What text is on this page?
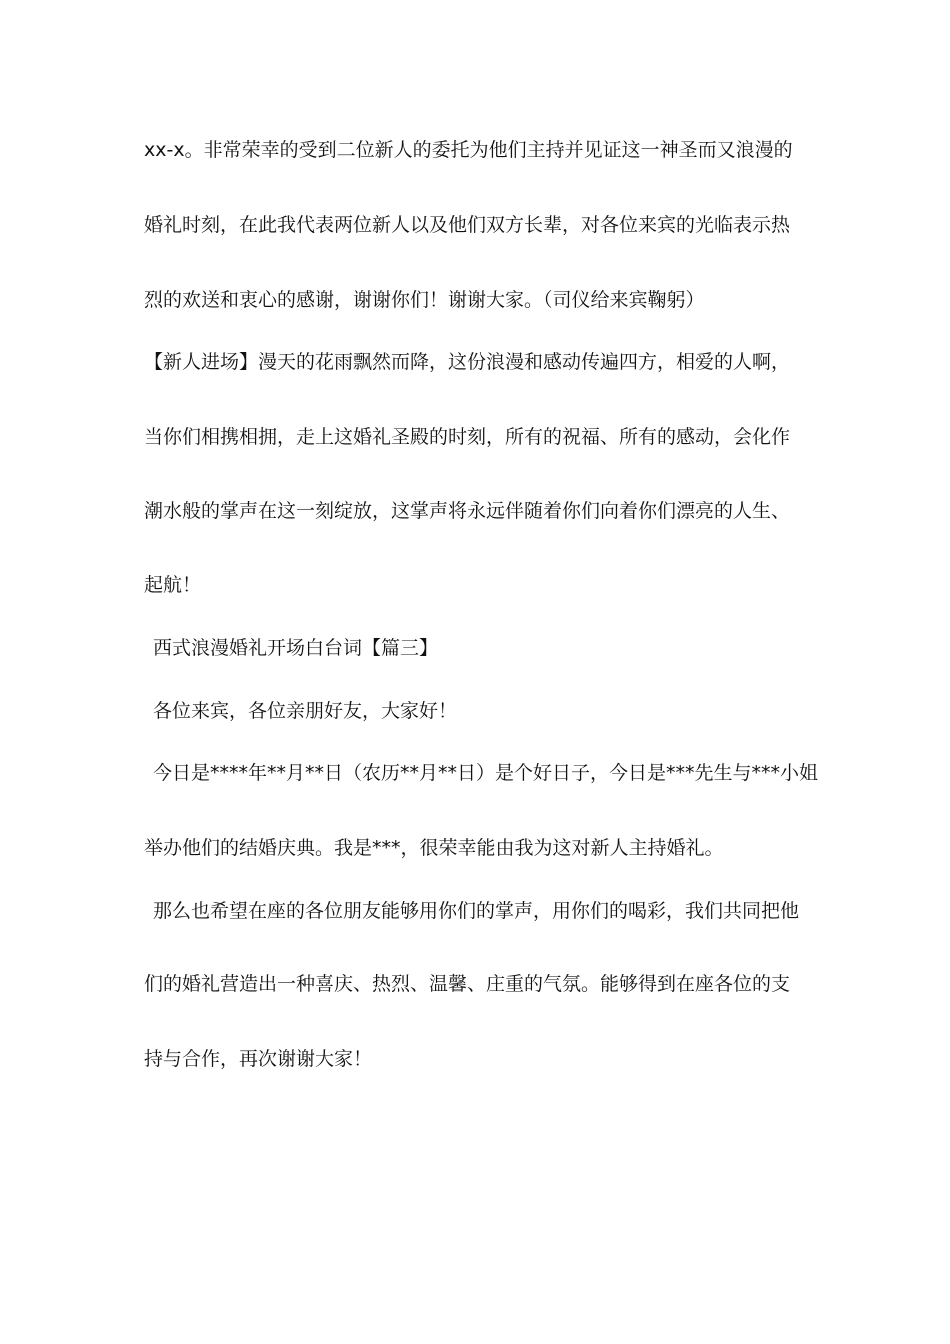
xx-x。非常荣幸的受到二位新人的委托为他们主持并见证这一神圣而又浪漫的
婚礼时刻，在此我代表两位新人以及他们双方长辈，对各位来宾的光临表示热
烈的欢送和衷心的感谢，谢谢你们！谢谢大家。（司仪给来宾鞠躬）
【新人进场】漫天的花雨飘然而降，这份浪漫和感动传遍四方，相爱的人啊，
当你们相携相拥，走上这婚礼圣殿的时刻，所有的祝福、所有的感动，会化作
潮水般的掌声在这一刻绽放，这掌声将永远伴随着你们向着你们漂亮的人生、
起航！
西式浪漫婚礼开场白台词【篇三】
各位来宾，各位亲朋好友，大家好！
今日是****年**月**日（农历**月**日）是个好日子，今日是***先生与***小姐
举办他们的结婚庆典。我是***，很荣幸能由我为这对新人主持婚礼。
那么也希望在座的各位朋友能够用你们的掌声，用你们的喝彩，我们共同把他
们的婚礼营造出一种喜庆、热烈、温馨、庄重的气氛。能够得到在座各位的支
持与合作，再次谢谢大家！
